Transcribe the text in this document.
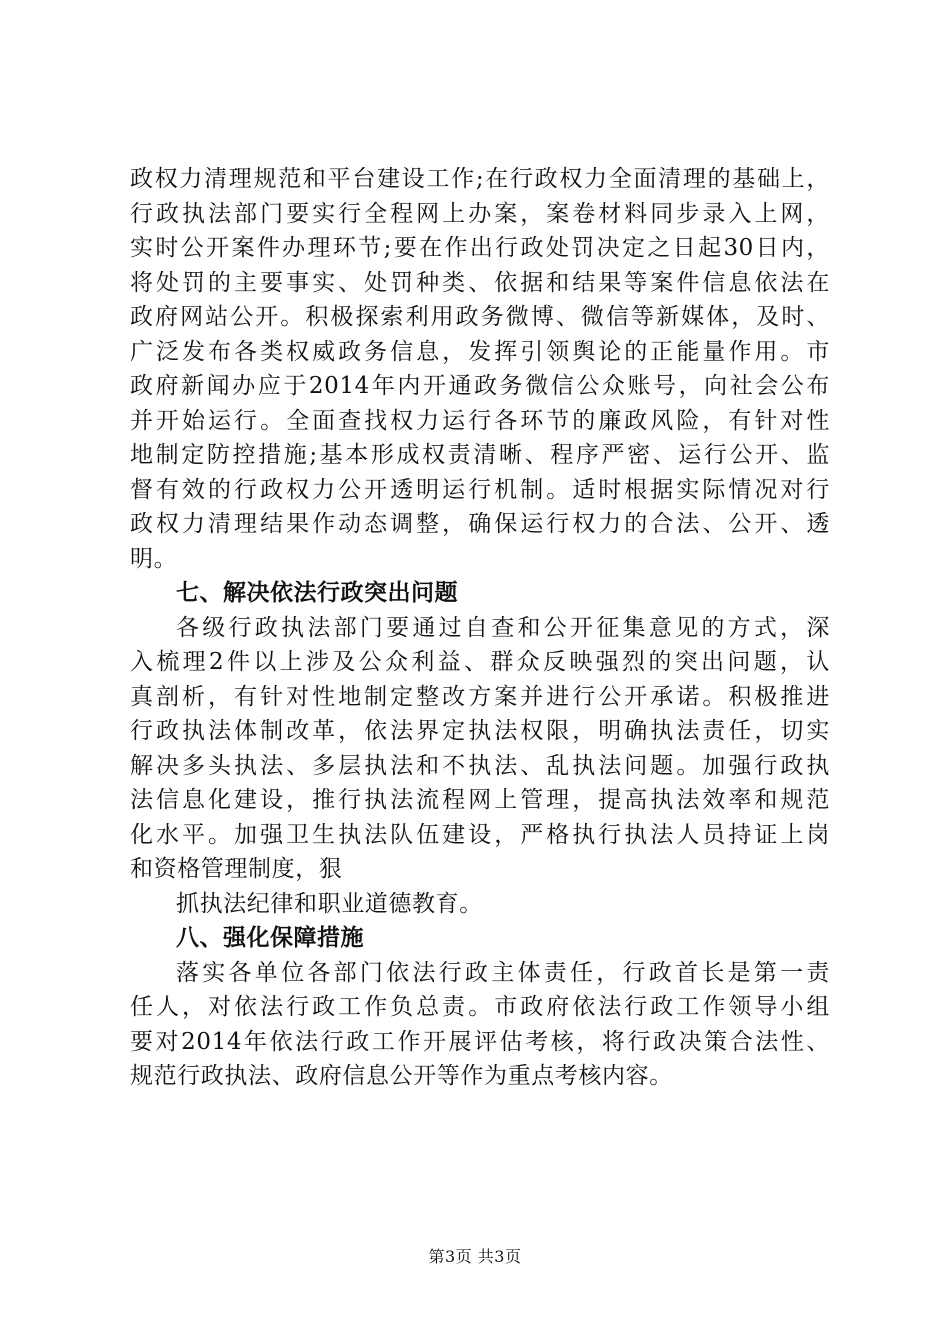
政权力清理规范和平台建设工作;在行政权力全面清理的基础上，
行政执法部门要实行全程网上办案，案卷材料同步录入上网，
实时公开案件办理环节;要在作出行政处罚决定之日起30日内，
将处罚的主要事实、处罚种类、依据和结果等案件信息依法在
政府网站公开。积极探索利用政务微博、微信等新媒体，及时、
广泛发布各类权威政务信息，发挥引领舆论的正能量作用。市
政府新闻办应于2014年内开通政务微信公众账号，向社会公布
并开始运行。全面查找权力运行各环节的廉政风险，有针对性
地制定防控措施;基本形成权责清晰、程序严密、运行公开、监
督有效的行政权力公开透明运行机制。适时根据实际情况对行
政权力清理结果作动态调整，确保运行权力的合法、公开、透
明。
七、解决依法行政突出问题
各级行政执法部门要通过自查和公开征集意见的方式，深
入梳理2件以上涉及公众利益、群众反映强烈的突出问题，认
真剖析，有针对性地制定整改方案并进行公开承诺。积极推进
行政执法体制改革，依法界定执法权限，明确执法责任，切实
解决多头执法、多层执法和不执法、乱执法问题。加强行政执
法信息化建设，推行执法流程网上管理，提高执法效率和规范
化水平。加强卫生执法队伍建设，严格执行执法人员持证上岗
和资格管理制度，狠
抓执法纪律和职业道德教育。
八、强化保障措施
落实各单位各部门依法行政主体责任，行政首长是第一责
任人，对依法行政工作负总责。市政府依法行政工作领导小组
要对2014年依法行政工作开展评估考核，将行政决策合法性、
规范行政执法、政府信息公开等作为重点考核内容。
第3页 共3页
